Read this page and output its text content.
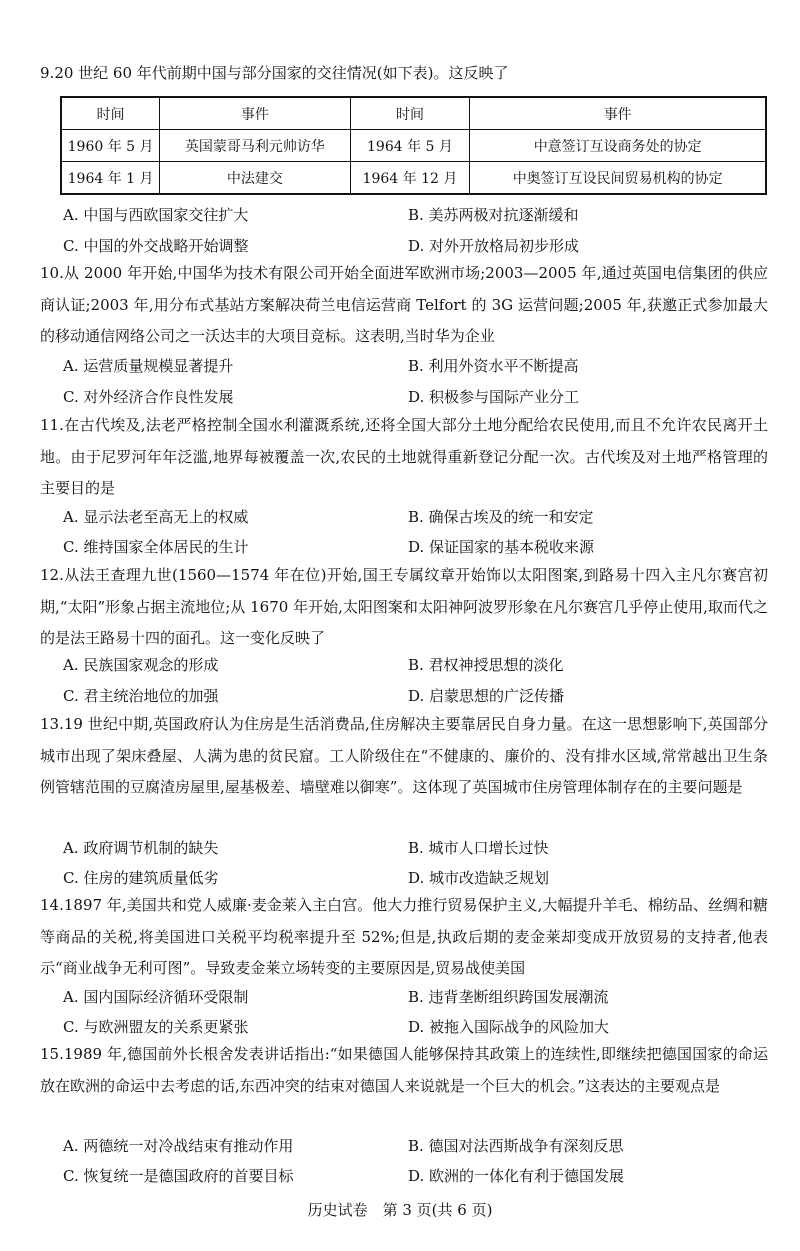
9.20 世纪 60 年代前期中国与部分国家的交往情况(如下表)。这反映了

时间	事件	时间	事件
1960 年 5 月	英国蒙哥马利元帅访华	1964 年 5 月	中意签订互设商务处的协定
1964 年 1 月	中法建交	1964 年 12 月	中奥签订互设民间贸易机构的协定
A. 中国与西欧国家交往扩大	B. 美苏两极对抗逐渐缓和
C. 中国的外交战略开始调整	D. 对外开放格局初步形成

10.从 2000 年开始,中国华为技术有限公司开始全面进军欧洲市场;2003—2005 年,通过英国电信集团的供应商认证;2003 年,用分布式基站方案解决荷兰电信运营商 Telfort 的 3G 运营问题;2005 年,获邀正式参加最大的移动通信网络公司之一沃达丰的大项目竞标。这表明,当时华为企业

A. 运营质量规模显著提升	B. 利用外资水平不断提高
C. 对外经济合作良性发展	D. 积极参与国际产业分工

11.在古代埃及,法老严格控制全国水利灌溉系统,还将全国大部分土地分配给农民使用,而且不允许农民离开土地。由于尼罗河年年泛滥,地界每被覆盖一次,农民的土地就得重新登记分配一次。古代埃及对土地严格管理的主要目的是

A. 显示法老至高无上的权威	B. 确保古埃及的统一和安定
C. 维持国家全体居民的生计	D. 保证国家的基本税收来源

12.从法王查理九世(1560—1574 年在位)开始,国王专属纹章开始饰以太阳图案,到路易十四入主凡尔赛宫初期,“太阳”形象占据主流地位;从 1670 年开始,太阳图案和太阳神阿波罗形象在凡尔赛宫几乎停止使用,取而代之的是法王路易十四的面孔。这一变化反映了

A. 民族国家观念的形成	B. 君权神授思想的淡化
C. 君主统治地位的加强	D. 启蒙思想的广泛传播

13.19 世纪中期,英国政府认为住房是生活消费品,住房解决主要靠居民自身力量。在这一思想影响下,英国部分城市出现了架床叠屋、人满为患的贫民窟。工人阶级住在“不健康的、廉价的、没有排水区域,常常越出卫生条例管辖范围的豆腐渣房屋里,屋基极差、墙壁难以御寒”。这体现了英国城市住房管理体制存在的主要问题是

A. 政府调节机制的缺失	B. 城市人口增长过快
C. 住房的建筑质量低劣	D. 城市改造缺乏规划

14.1897 年,美国共和党人威廉·麦金莱入主白宫。他大力推行贸易保护主义,大幅提升羊毛、棉纺品、丝绸和糖等商品的关税,将美国进口关税平均税率提升至 52%;但是,执政后期的麦金莱却变成开放贸易的支持者,他表示“商业战争无利可图”。导致麦金莱立场转变的主要原因是,贸易战使美国

A. 国内国际经济循环受限制	B. 违背垄断组织跨国发展潮流
C. 与欧洲盟友的关系更紧张	D. 被拖入国际战争的风险加大

15.1989 年,德国前外长根舍发表讲话指出:“如果德国人能够保持其政策上的连续性,即继续把德国国家的命运放在欧洲的命运中去考虑的话,东西冲突的结束对德国人来说就是一个巨大的机会。”这表达的主要观点是

A. 两德统一对冷战结束有推动作用	B. 德国对法西斯战争有深刻反思
C. 恢复统一是德国政府的首要目标	D. 欧洲的一体化有利于德国发展
历史试卷　第 3 页(共 6 页)
